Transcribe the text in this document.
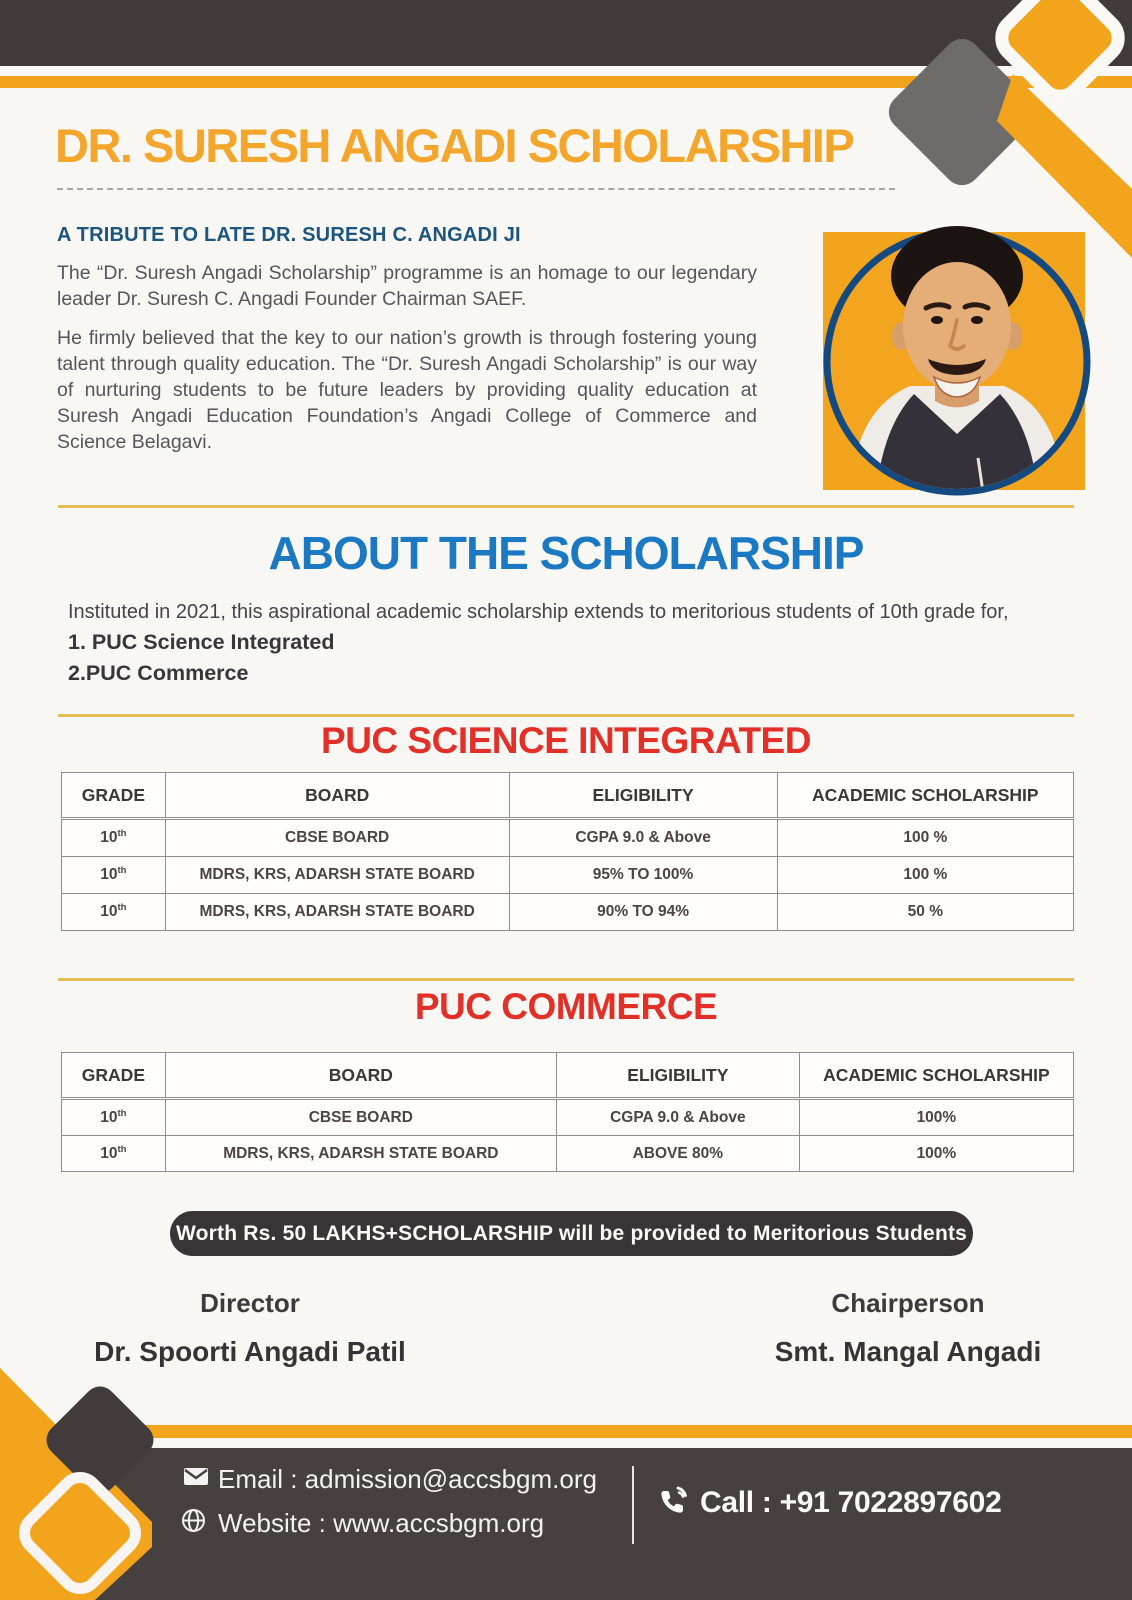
DR. SURESH ANGADI SCHOLARSHIP
A TRIBUTE TO LATE DR. SURESH C. ANGADI JI

The “Dr. Suresh Angadi Scholarship” programme is an homage to our legendary leader Dr. Suresh C. Angadi Founder Chairman SAEF.

He firmly believed that the key to our nation’s growth is through fostering young talent through quality education. The “Dr. Suresh Angadi Scholarship” is our way of nurturing students to be future leaders by providing quality education at Suresh Angadi Education Foundation’s Angadi College of Commerce and Science Belagavi.

ABOUT THE SCHOLARSHIP
Instituted in 2021, this aspirational academic scholarship extends to meritorious students of 10th grade for,
1. PUC Science Integrated
2.PUC Commerce
PUC SCIENCE INTEGRATED
GRADE	BOARD	ELIGIBILITY	ACADEMIC SCHOLARSHIP
10th	CBSE BOARD	CGPA 9.0 & Above	100 %
10th	MDRS, KRS, ADARSH STATE BOARD	95% TO 100%	100 %
10th	MDRS, KRS, ADARSH STATE BOARD	90% TO 94%	50 %
PUC COMMERCE
GRADE	BOARD	ELIGIBILITY	ACADEMIC SCHOLARSHIP
10th	CBSE BOARD	CGPA 9.0 & Above	100%
10th	MDRS, KRS, ADARSH STATE BOARD	ABOVE 80%	100%
Worth Rs. 50 LAKHS+SCHOLARSHIP will be provided to Meritorious Students
Director
Dr. Spoorti Angadi Patil
Chairperson
Smt. Mangal Angadi
Email : admission@accsbgm.org
Website : www.accsbgm.org
Call : +91 7022897602
